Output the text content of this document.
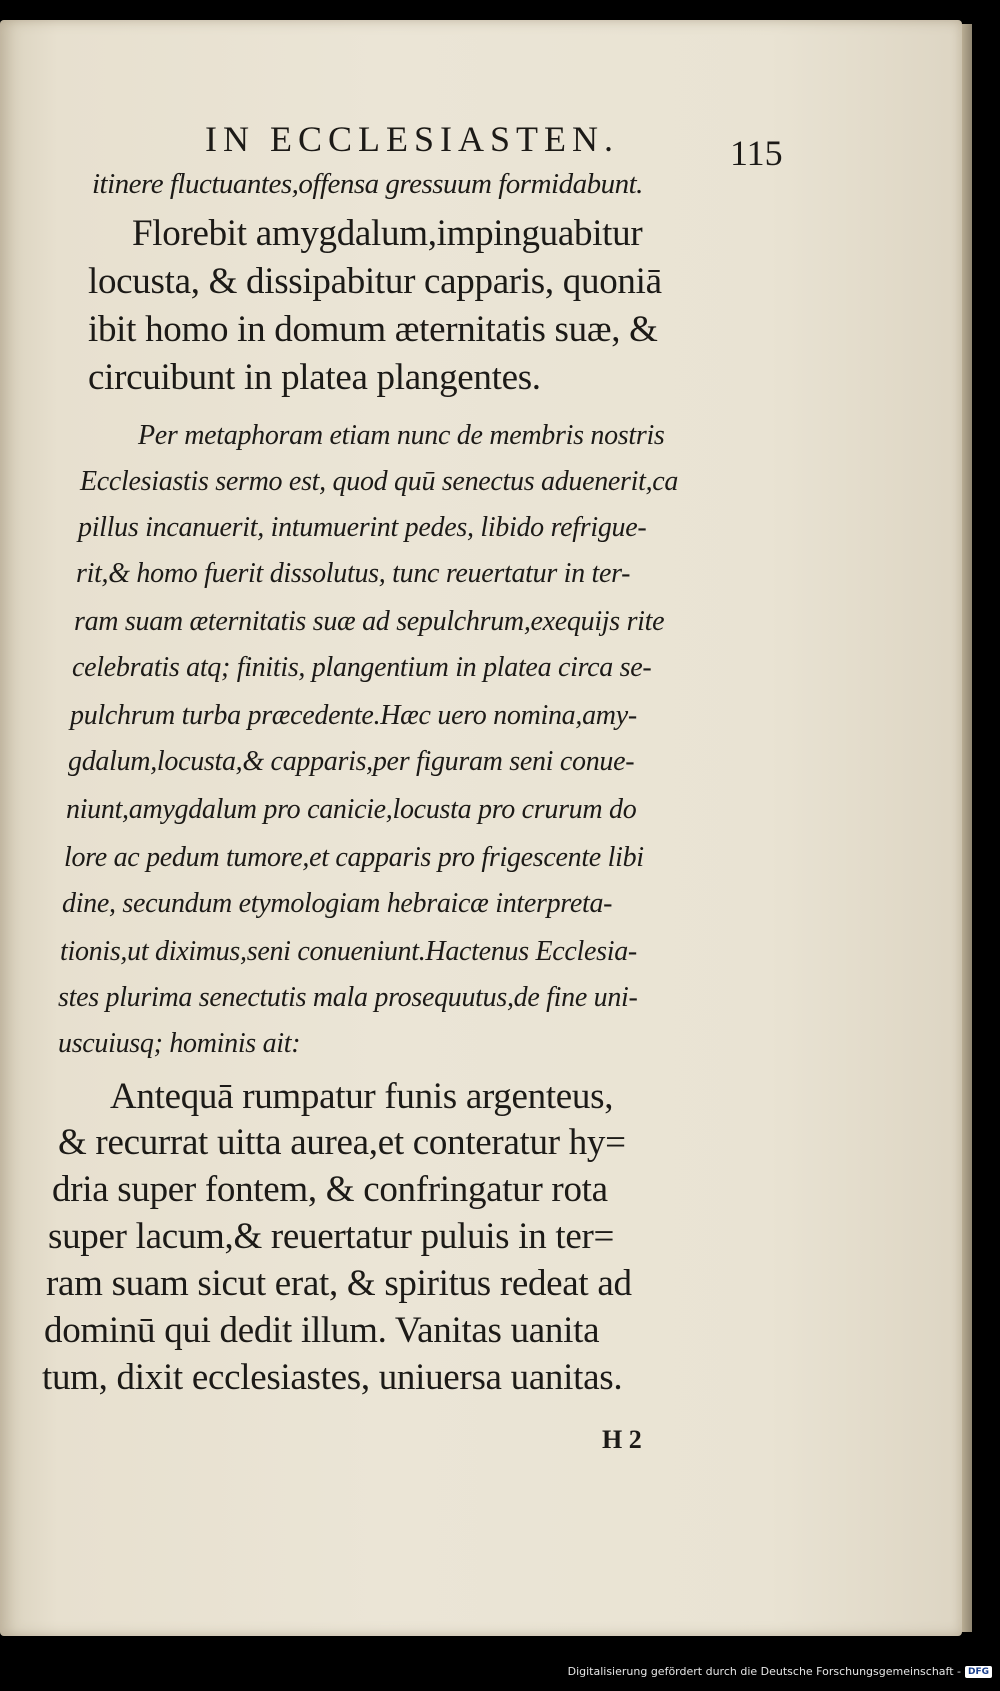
IN ECCLESIASTEN.	115
itinere fluctuantes,offensa gressuum formidabunt.
Florebit amygdalum,impinguabitur
locusta, & dissipabitur capparis, quoniā
ibit homo in domum æternitatis suæ, &
circuibunt in platea plangentes.
Per metaphoram etiam nunc de membris nostris
Ecclesiastis sermo est, quod quū senectus aduenerit,ca
pillus incanuerit, intumuerint pedes, libido refrigue-
rit,& homo fuerit dissolutus, tunc reuertatur in ter-
ram suam æternitatis suæ ad sepulchrum,exequijs rite
celebratis atq; finitis, plangentium in platea circa se-
pulchrum turba præcedente.Hæc uero nomina,amy-
gdalum,locusta,& capparis,per figuram seni conue-
niunt,amygdalum pro canicie,locusta pro crurum do
lore ac pedum tumore,et capparis pro frigescente libi
dine, secundum etymologiam hebraicæ interpreta-
tionis,ut diximus,seni conueniunt.Hactenus Ecclesia-
stes plurima senectutis mala prosequutus,de fine uni-
uscuiusq; hominis ait:
Antequā rumpatur funis argenteus,
& recurrat uitta aurea,et conteratur hy=
dria super fontem, & confringatur rota
super lacum,& reuertatur puluis in ter=
ram suam sicut erat, & spiritus redeat ad
dominū qui dedit illum. Vanitas uanita
tum, dixit ecclesiastes, uniuersa uanitas.
H 2
Digitalisierung gefördert durch die Deutsche Forschungsgemeinschaft - DFG
